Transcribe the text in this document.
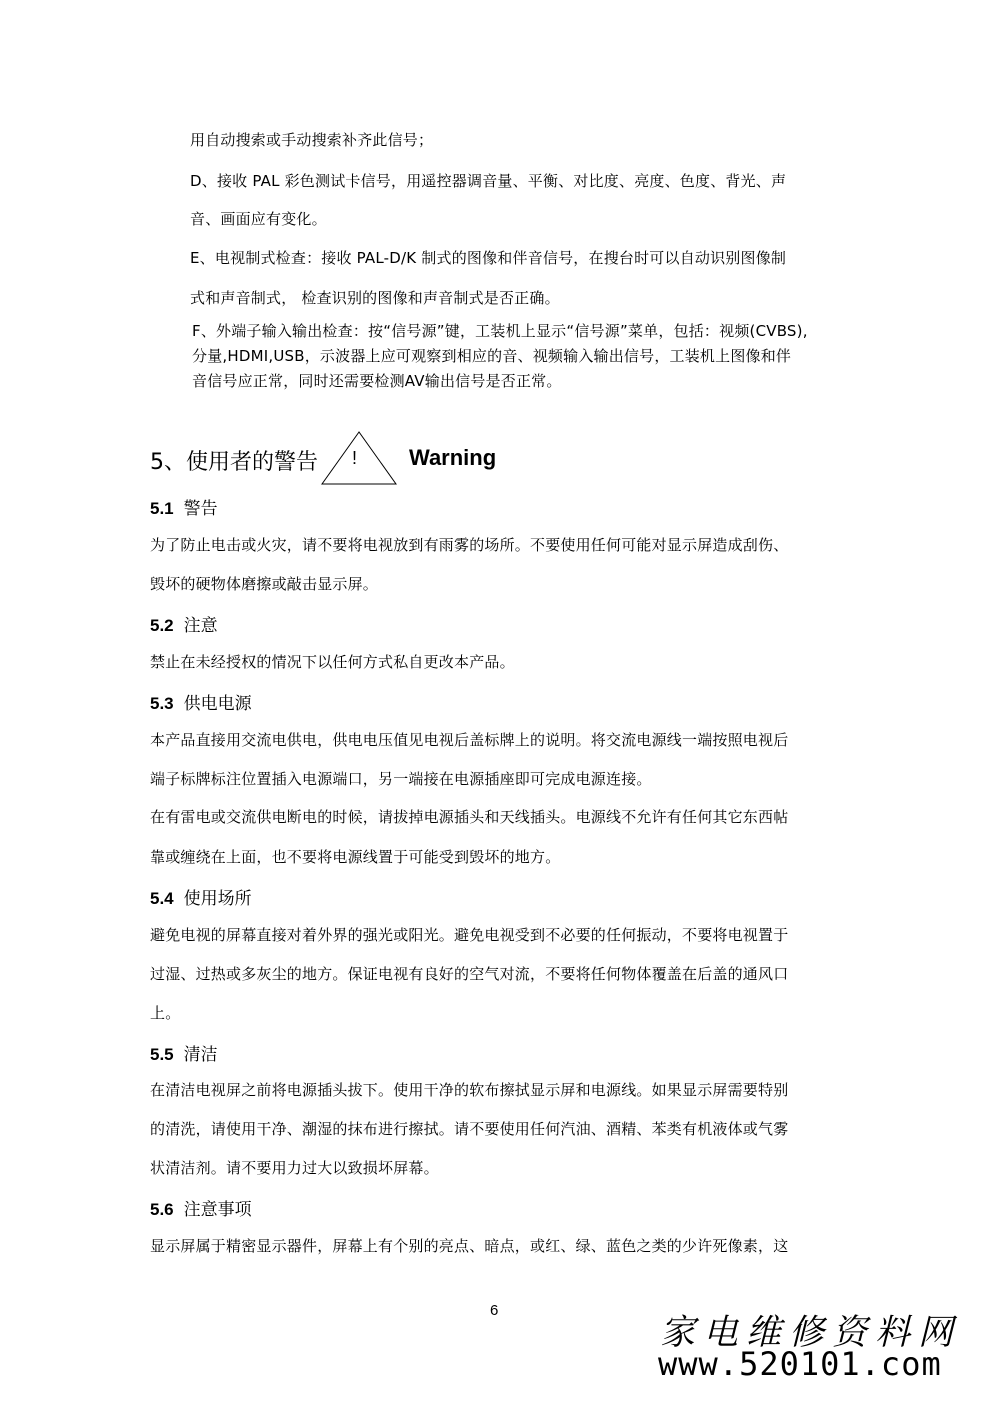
用自动搜索或手动搜索补齐此信号；
D、接收 PAL 彩色测试卡信号，用遥控器调音量、平衡、对比度、亮度、色度、背光、声
音、画面应有变化。
E、电视制式检查：接收 PAL-D/K 制式的图像和伴音信号，在搜台时可以自动识别图像制
式和声音制式， 检查识别的图像和声音制式是否正确。
F、外端子输入输出检查：按“信号源”键，工装机上显示“信号源”菜单，包括：视频(CVBS),
分量,HDMI,USB，示波器上应可观察到相应的音、视频输入输出信号，工装机上图像和伴
音信号应正常，同时还需要检测AV输出信号是否正常。
5、使用者的警告 ! Warning
5.1 警告
为了防止电击或火灾，请不要将电视放到有雨雾的场所。不要使用任何可能对显示屏造成刮伤、
毁坏的硬物体磨擦或敲击显示屏。
5.2 注意
禁止在未经授权的情况下以任何方式私自更改本产品。
5.3 供电电源
本产品直接用交流电供电，供电电压值见电视后盖标牌上的说明。将交流电源线一端按照电视后
端子标牌标注位置插入电源端口，另一端接在电源插座即可完成电源连接。
在有雷电或交流供电断电的时候，请拔掉电源插头和天线插头。电源线不允许有任何其它东西帖
靠或缠绕在上面，也不要将电源线置于可能受到毁坏的地方。
5.4 使用场所
避免电视的屏幕直接对着外界的强光或阳光。避免电视受到不必要的任何振动，不要将电视置于
过湿、过热或多灰尘的地方。保证电视有良好的空气对流，不要将任何物体覆盖在后盖的通风口
上。
5.5 清洁
在清洁电视屏之前将电源插头拔下。使用干净的软布擦拭显示屏和电源线。如果显示屏需要特别
的清洗，请使用干净、潮湿的抹布进行擦拭。请不要使用任何汽油、酒精、苯类有机液体或气雾
状清洁剂。请不要用力过大以致损坏屏幕。
5.6 注意事项
显示屏属于精密显示器件，屏幕上有个别的亮点、暗点，或红、绿、蓝色之类的少许死像素，这
6
家电维修资料网
www.520101.com
